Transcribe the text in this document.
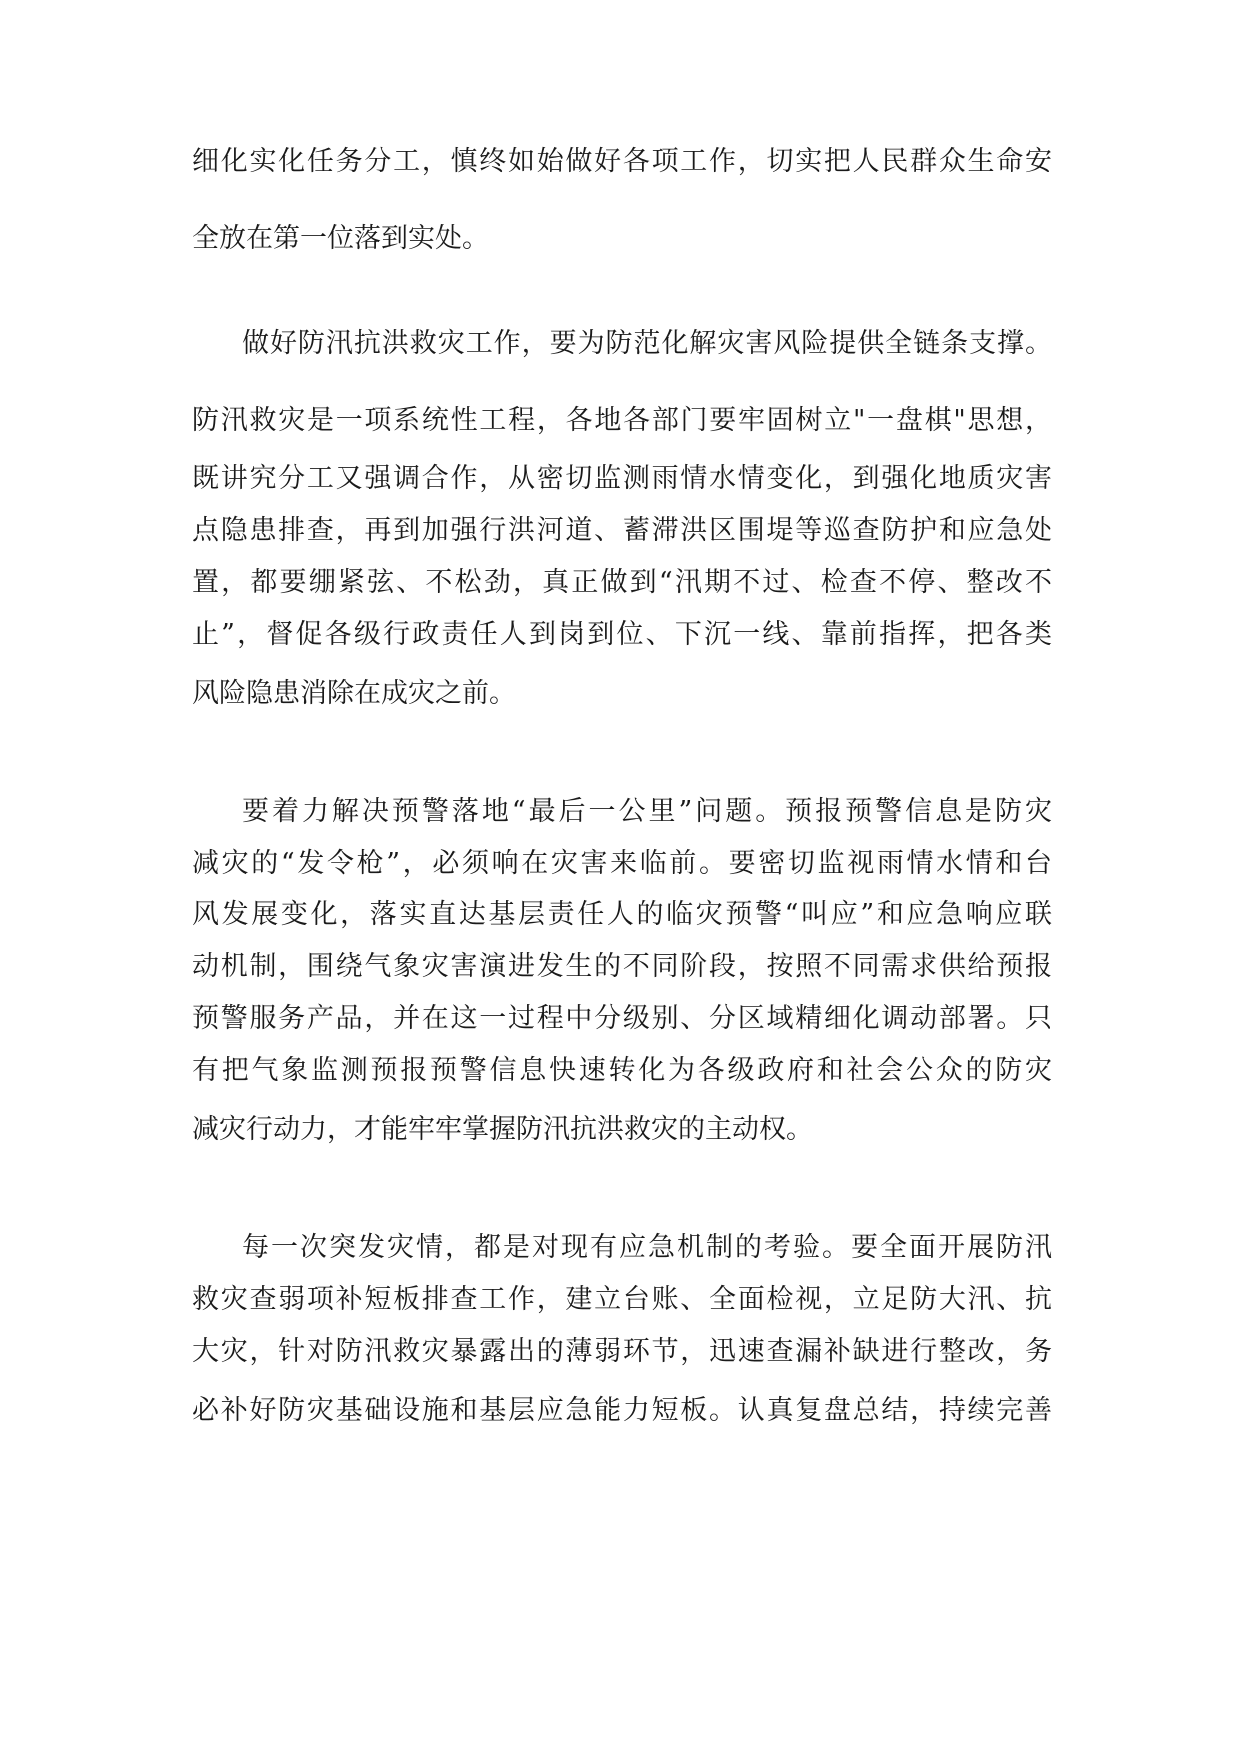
细化实化任务分工，慎终如始做好各项工作，切实把人民群众生命安
全放在第一位落到实处。
做好防汛抗洪救灾工作，要为防范化解灾害风险提供全链条支撑。
防汛救灾是一项系统性工程，各地各部门要牢固树立"一盘棋"思想，
既讲究分工又强调合作，从密切监测雨情水情变化，到强化地质灾害
点隐患排查，再到加强行洪河道、蓄滞洪区围堤等巡查防护和应急处
置，都要绷紧弦、不松劲，真正做到“汛期不过、检查不停、整改不
止”，督促各级行政责任人到岗到位、下沉一线、靠前指挥，把各类
风险隐患消除在成灾之前。
要着力解决预警落地“最后一公里”问题。预报预警信息是防灾
减灾的“发令枪”，必须响在灾害来临前。要密切监视雨情水情和台
风发展变化，落实直达基层责任人的临灾预警“叫应”和应急响应联
动机制，围绕气象灾害演进发生的不同阶段，按照不同需求供给预报
预警服务产品，并在这一过程中分级别、分区域精细化调动部署。只
有把气象监测预报预警信息快速转化为各级政府和社会公众的防灾
减灾行动力，才能牢牢掌握防汛抗洪救灾的主动权。
每一次突发灾情，都是对现有应急机制的考验。要全面开展防汛
救灾查弱项补短板排查工作，建立台账、全面检视，立足防大汛、抗
大灾，针对防汛救灾暴露出的薄弱环节，迅速查漏补缺进行整改，务
必补好防灾基础设施和基层应急能力短板。认真复盘总结，持续完善
